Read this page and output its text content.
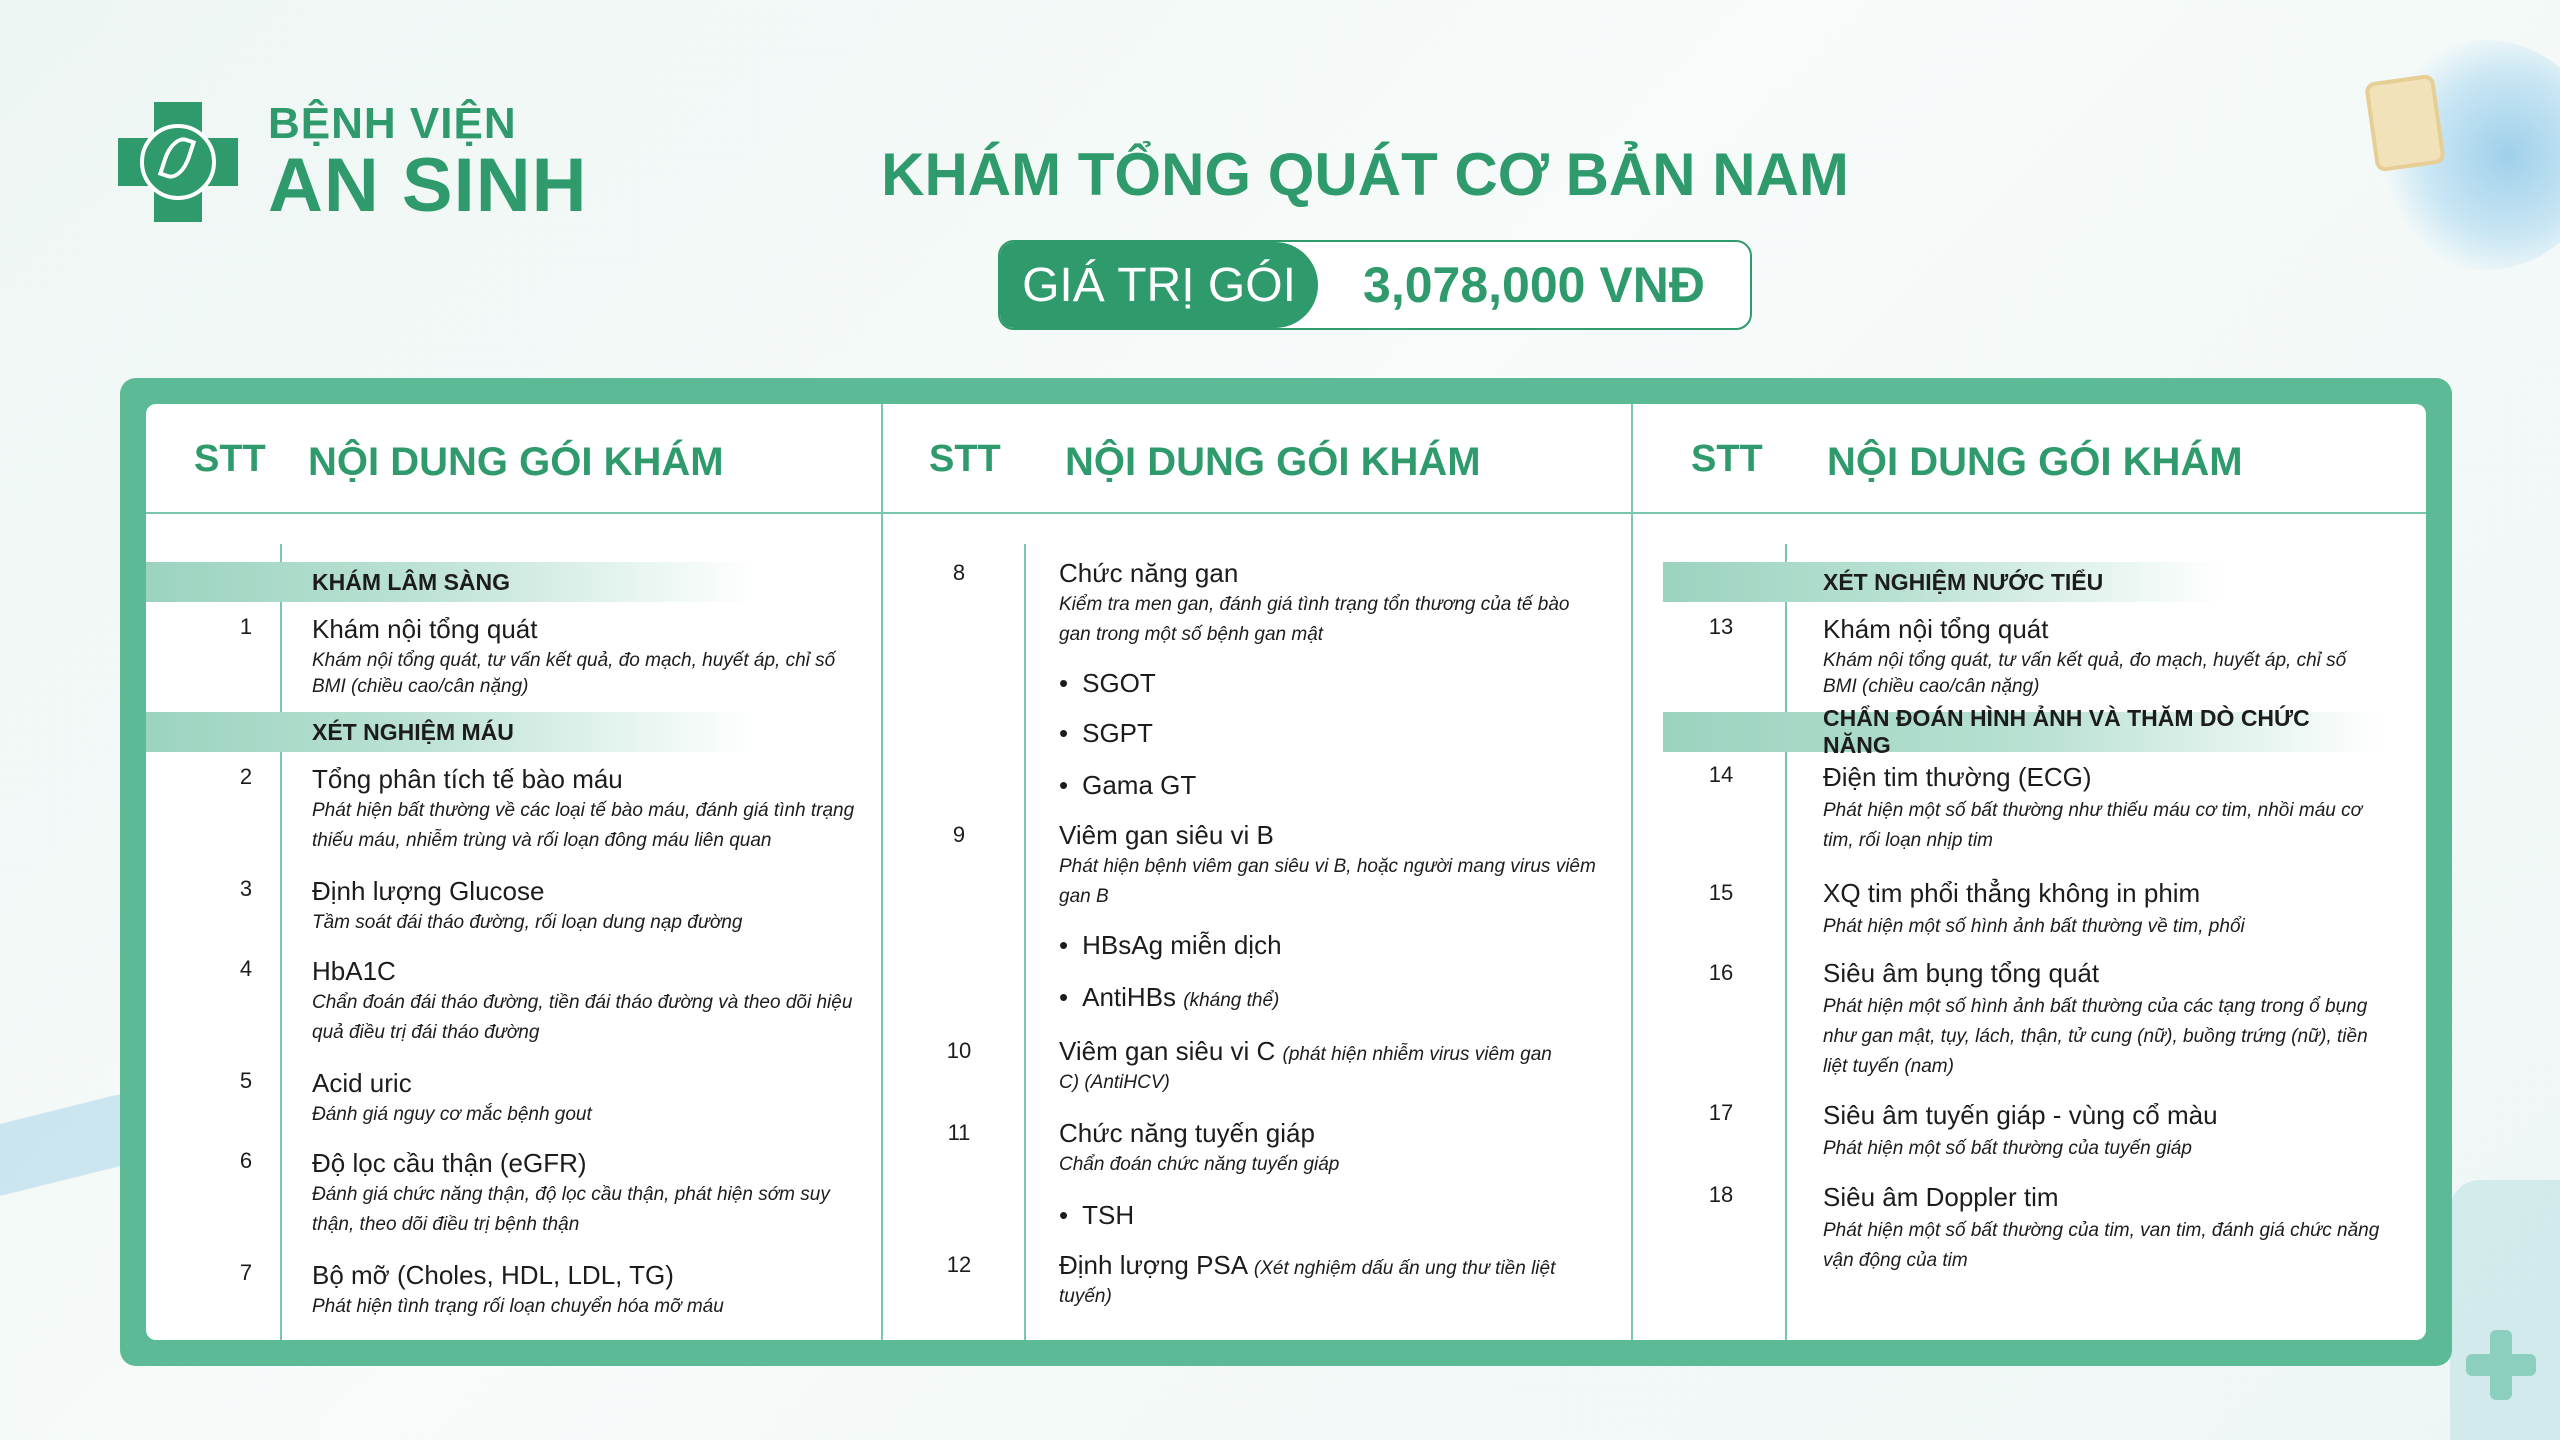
BỆNH VIỆN
AN SINH	KHÁM TỔNG QUÁT CƠ BẢN NAM
GIÁ TRỊ GÓI	3,078,000 VNĐ
STT NỘI DUNG GÓI KHÁM
KHÁM LÂM SÀNG
1	Khám nội tổng quát
Khám nội tổng quát, tư vấn kết quả, đo mạch, huyết áp, chỉ số BMI (chiều cao/cân nặng)
XÉT NGHIỆM MÁU
2	Tổng phân tích tế bào máu
Phát hiện bất thường về các loại tế bào máu, đánh giá tình trạng thiếu máu, nhiễm trùng và rối loạn đông máu liên quan
3	Định lượng Glucose
Tầm soát đái tháo đường, rối loạn dung nạp đường
4	HbA1C
Chẩn đoán đái tháo đường, tiền đái tháo đường và theo dõi hiệu quả điều trị đái tháo đường
5	Acid uric
Đánh giá nguy cơ mắc bệnh gout
6	Độ lọc cầu thận (eGFR)
Đánh giá chức năng thận, độ lọc cầu thận, phát hiện sớm suy thận, theo dõi điều trị bệnh thận
7	Bộ mỡ (Choles, HDL, LDL, TG)
Phát hiện tình trạng rối loạn chuyển hóa mỡ máu
STT NỘI DUNG GÓI KHÁM
8	Chức năng gan
Kiểm tra men gan, đánh giá tình trạng tổn thương của tế bào gan trong một số bệnh gan mật
• SGOT
• SGPT
• Gama GT
9	Viêm gan siêu vi B
Phát hiện bệnh viêm gan siêu vi B, hoặc người mang virus viêm gan B
• HBsAg miễn dịch
• AntiHBs (kháng thể)
10	Viêm gan siêu vi C (phát hiện nhiễm virus viêm gan
C) (AntiHCV)
11	Chức năng tuyến giáp
Chẩn đoán chức năng tuyến giáp
• TSH
12	Định lượng PSA (Xét nghiệm dấu ấn ung thư tiền liệt
tuyến)
STT NỘI DUNG GÓI KHÁM
XÉT NGHIỆM NƯỚC TIỂU
13	Khám nội tổng quát
Khám nội tổng quát, tư vấn kết quả, đo mạch, huyết áp, chỉ số BMI (chiều cao/cân nặng)
CHẨN ĐOÁN HÌNH ẢNH VÀ THĂM DÒ CHỨC NĂNG
14	Điện tim thường (ECG)
Phát hiện một số bất thường như thiếu máu cơ tim, nhồi máu cơ tim, rối loạn nhịp tim
15	XQ tim phổi thẳng không in phim
Phát hiện một số hình ảnh bất thường về tim, phổi
16	Siêu âm bụng tổng quát
Phát hiện một số hình ảnh bất thường của các tạng trong ổ bụng như gan mật, tụy, lách, thận, tử cung (nữ), buồng trứng (nữ), tiền liệt tuyến (nam)
17	Siêu âm tuyến giáp - vùng cổ màu
Phát hiện một số bất thường của tuyến giáp
18	Siêu âm Doppler tim
Phát hiện một số bất thường của tim, van tim, đánh giá chức năng vận động của tim
